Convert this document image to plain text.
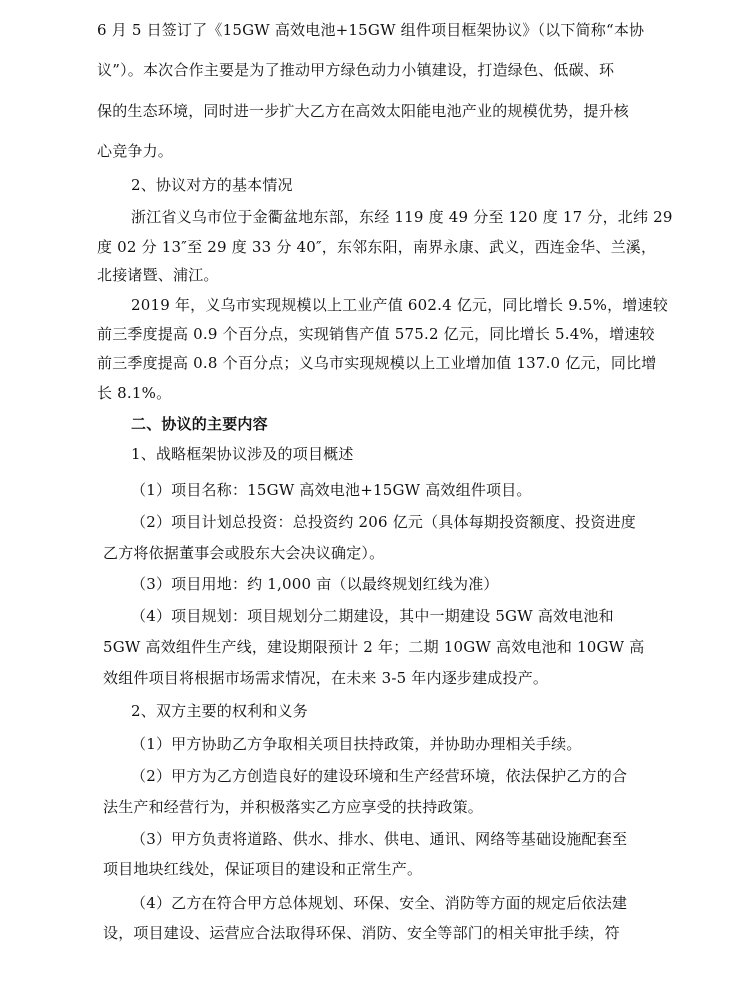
6 月 5 日签订了《15GW 高效电池+15GW 组件项目框架协议》（以下简称“本协
议”）。本次合作主要是为了推动甲方绿色动力小镇建设，打造绿色、低碳、环
保的生态环境，同时进一步扩大乙方在高效太阳能电池产业的规模优势，提升核
心竞争力。
2、协议对方的基本情况
浙江省义乌市位于金衢盆地东部，东经 119 度 49 分至 120 度 17 分，北纬 29
度 02 分 13″至 29 度 33 分 40″，东邻东阳，南界永康、武义，西连金华、兰溪，
北接诸暨、浦江。
2019 年，义乌市实现规模以上工业产值 602.4 亿元，同比增长 9.5%，增速较
前三季度提高 0.9 个百分点，实现销售产值 575.2 亿元，同比增长 5.4%，增速较
前三季度提高 0.8 个百分点；义乌市实现规模以上工业增加值 137.0 亿元，同比增
长 8.1%。
二、协议的主要内容
1、战略框架协议涉及的项目概述
（1）项目名称：15GW 高效电池+15GW 高效组件项目。
（2）项目计划总投资：总投资约 206 亿元（具体每期投资额度、投资进度
乙方将依据董事会或股东大会决议确定）。
（3）项目用地：约 1,000 亩（以最终规划红线为准）
（4）项目规划：项目规划分二期建设，其中一期建设 5GW 高效电池和
5GW 高效组件生产线，建设期限预计 2 年；二期 10GW 高效电池和 10GW 高
效组件项目将根据市场需求情况，在未来 3-5 年内逐步建成投产。
2、双方主要的权利和义务
（1）甲方协助乙方争取相关项目扶持政策，并协助办理相关手续。
（2）甲方为乙方创造良好的建设环境和生产经营环境，依法保护乙方的合
法生产和经营行为，并积极落实乙方应享受的扶持政策。
（3）甲方负责将道路、供水、排水、供电、通讯、网络等基础设施配套至
项目地块红线处，保证项目的建设和正常生产。
（4）乙方在符合甲方总体规划、环保、安全、消防等方面的规定后依法建
设，项目建设、运营应合法取得环保、消防、安全等部门的相关审批手续，符
